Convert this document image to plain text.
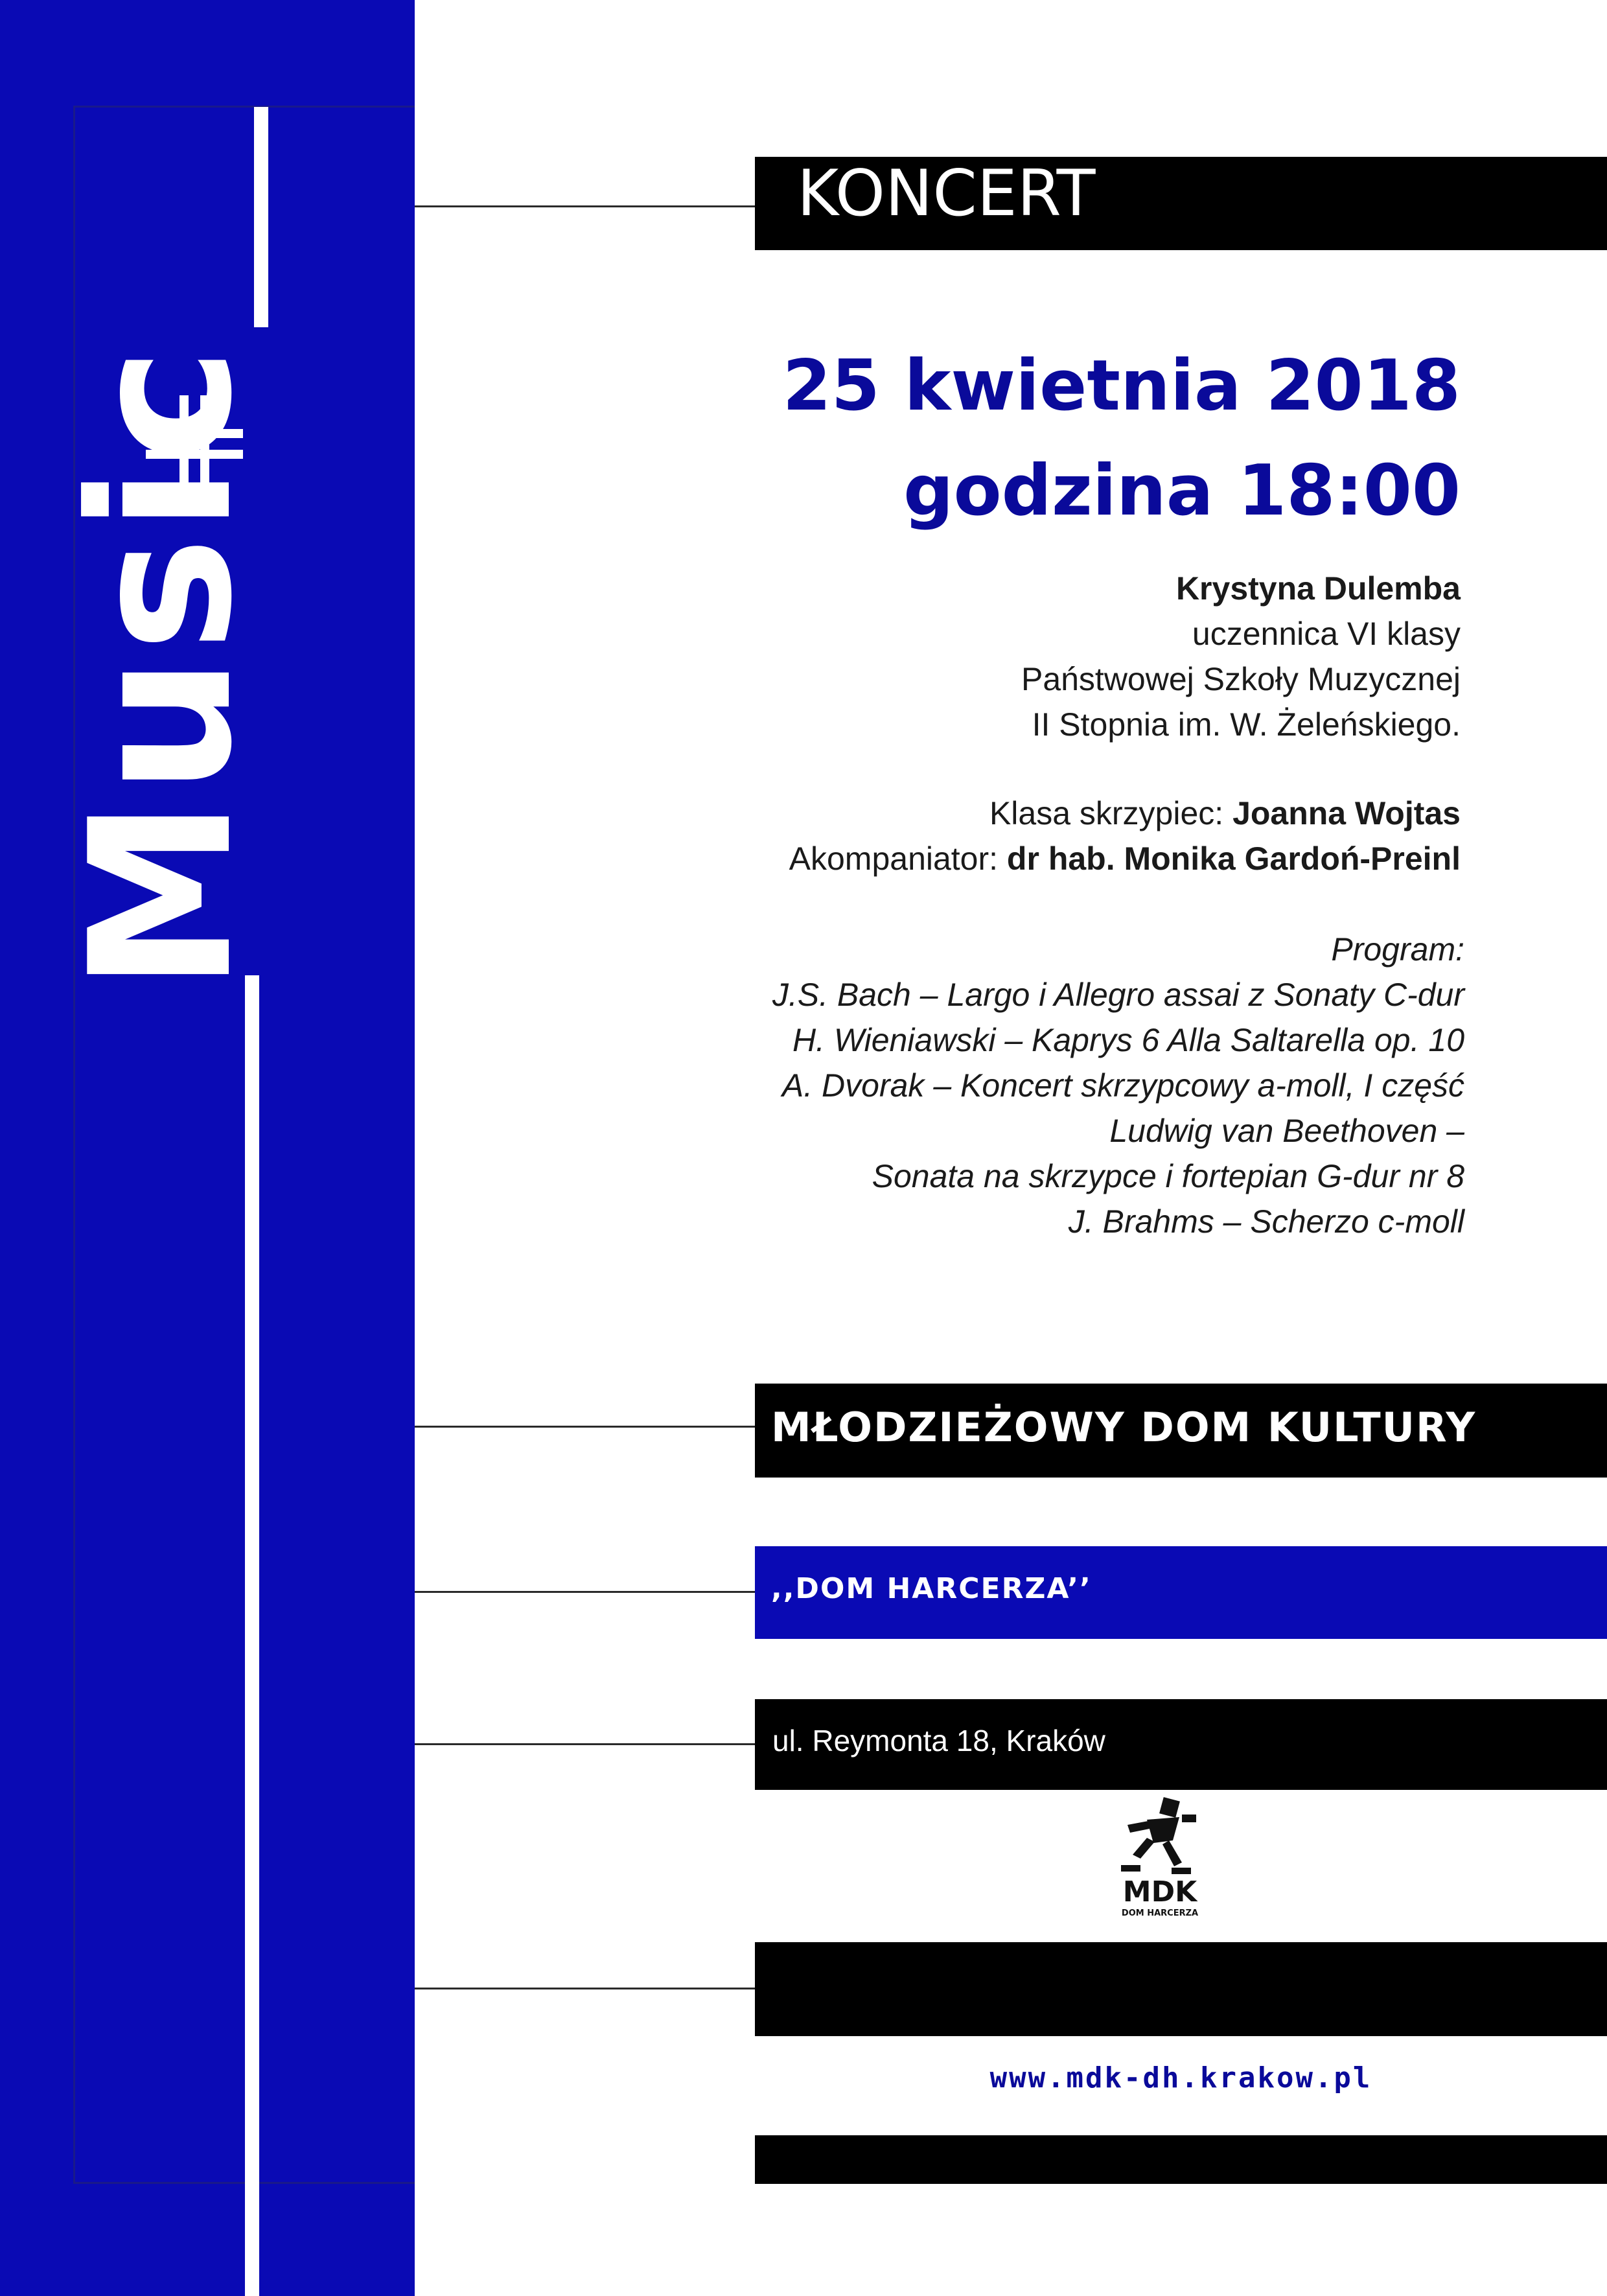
Music
KONCERT
25 kwietnia 2018
godzina 18:00
Krystyna Dulemba
uczennica VI klasy
Państwowej Szkoły Muzycznej
II Stopnia im. W. Żeleńskiego.
Klasa skrzypiec: Joanna Wojtas
Akompaniator: dr hab. Monika Gardoń-Preinl
Program:
J.S. Bach – Largo i Allegro assai z Sonaty C-dur
H. Wieniawski – Kaprys 6 Alla Saltarella op. 10
A. Dvorak – Koncert skrzypcowy a-moll, I część
Ludwig van Beethoven –
Sonata na skrzypce i fortepian G-dur nr 8
J. Brahms – Scherzo c-moll
MŁODZIEŻOWY DOM KULTURY
,,DOM HARCERZA’’
ul. Reymonta 18, Kraków
MDK
DOM HARCERZA
www.mdk-dh.krakow.pl
